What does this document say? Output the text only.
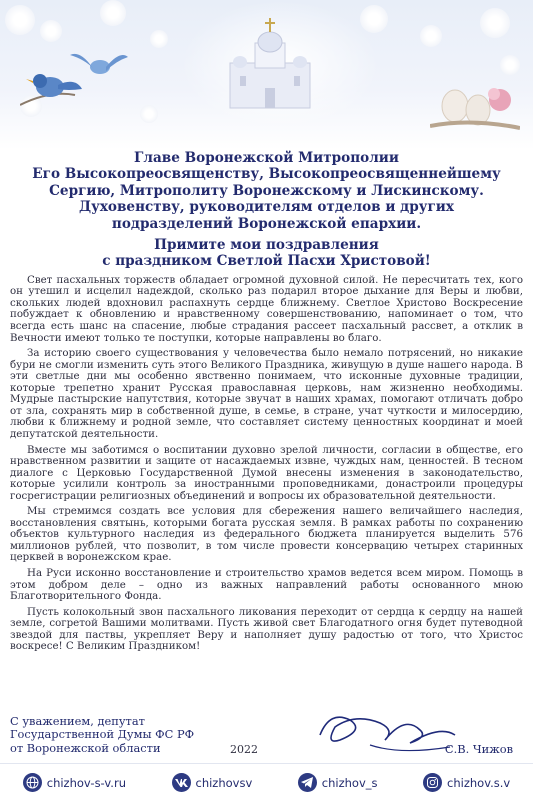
Главе Воронежской Митрополии
Его Высокопреосвященству, Высокопреосвященнейшему
Сергию, Митрополиту Воронежскому и Лискинскому.
Духовенству, руководителям отделов и других
подразделений Воронежской епархии.
Примите мои поздравления
с праздником Светлой Пасхи Христовой!

Свет пасхальных торжеств обладает огромной духовной силой. Не пересчитать тех, кого он утешил и исцелил надеждой, сколько раз подарил второе дыхание для Веры и любви, скольких людей вдохновил распахнуть сердце ближнему. Светлое Христово Воскресение побуждает к обновлению и нравственному совершенствованию, напоминает о том, что всегда есть шанс на спасение, любые страдания рассеет пасхальный рассвет, а отклик в Вечности имеют только те поступки, которые направлены во благо.

За историю своего существования у человечества было немало потрясений, но никакие бури не смогли изменить суть этого Великого Праздника, живущую в душе нашего народа. В эти светлые дни мы особенно явственно понимаем, что исконные духовные традиции, которые трепетно хранит Русская православная церковь, нам жизненно необходимы. Мудрые пастырские напутствия, которые звучат в наших храмах, помогают отличать добро от зла, сохранять мир в собственной душе, в семье, в стране, учат чуткости и милосердию, любви к ближнему и родной земле, что составляет систему ценностных координат и моей депутатской деятельности.

Вместе мы заботимся о воспитании духовно зрелой личности, согласии в обществе, его нравственном развитии и защите от насаждаемых извне, чуждых нам, ценностей. В тесном диалоге с Церковью Государственной Думой внесены изменения в законодательство, которые усилили контроль за иностранными проповедниками, донастроили процедуры госрегистрации религиозных объединений и вопросы их образовательной деятельности.

Мы стремимся создать все условия для сбережения нашего величайшего наследия, восстановления святынь, которыми богата русская земля. В рамках работы по сохранению объектов культурного наследия из федерального бюджета планируется выделить 576 миллионов рублей, что позволит, в том числе провести консервацию четырех старинных церквей в воронежском крае.

На Руси исконно восстановление и строительство храмов ведется всем миром. Помощь в этом добром деле – одно из важных направлений работы основанного мною Благотворительного Фонда.

Пусть колокольный звон пасхального ликования переходит от сердца к сердцу на нашей земле, согретой Вашими молитвами. Пусть живой свет Благодатного огня будет путеводной звездой для паствы, укрепляет Веру и наполняет душу радостью от того, что Христос воскресе! С Великим Праздником!

С уважением, депутат
Государственной Думы ФС РФ
от Воронежской области	2022	С.В. Чижов
chizhov-s-v.ru	chizhovsv	chizhov_s	chizhov.s.v
